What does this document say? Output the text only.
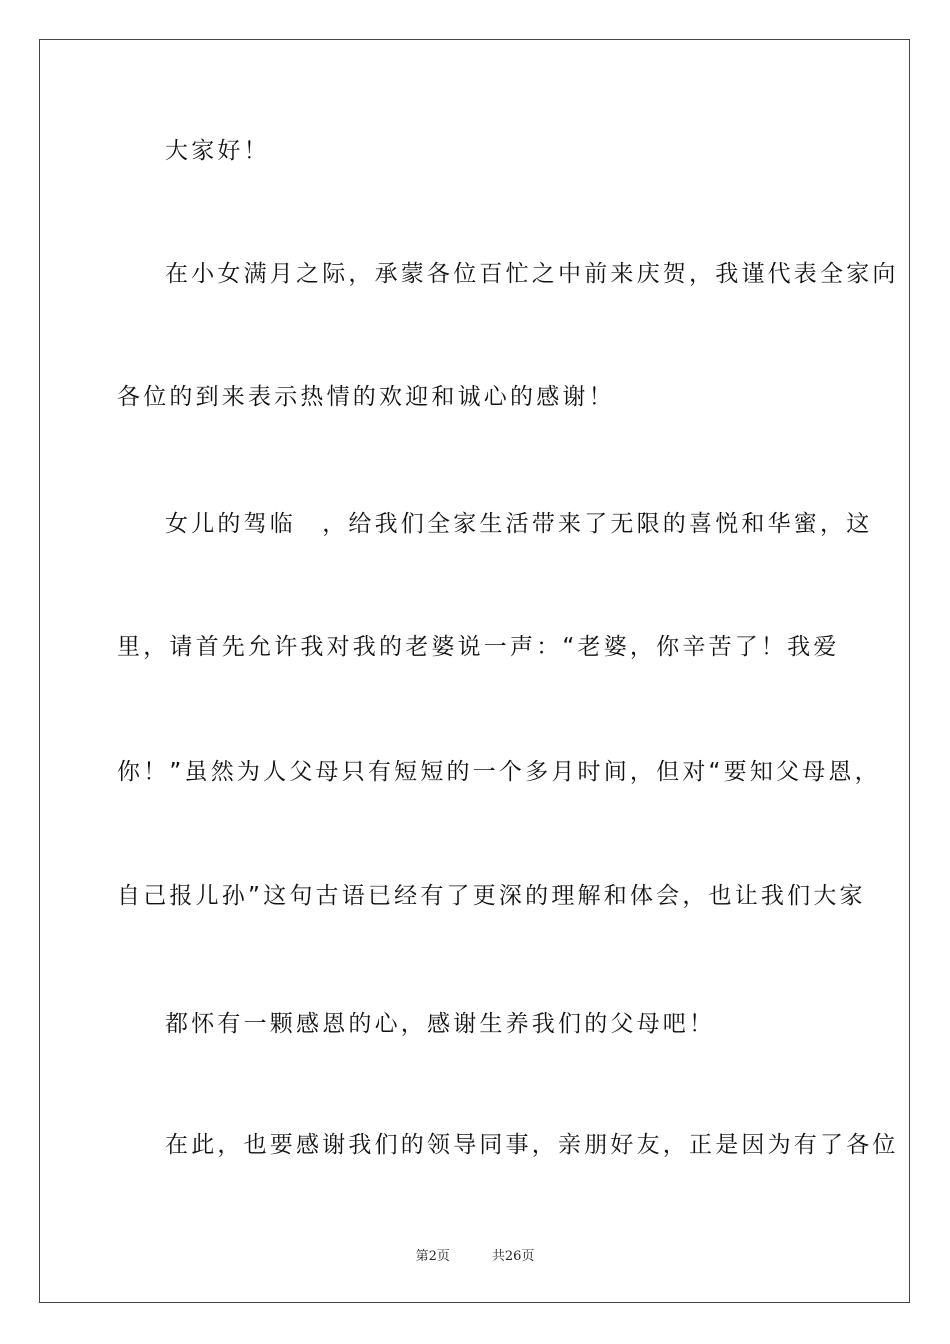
大家好！
在小女满月之际，承蒙各位百忙之中前来庆贺，我谨代表全家向
各位的到来表示热情的欢迎和诚心的感谢！
女儿的驾临　，给我们全家生活带来了无限的喜悦和华蜜，这
里，请首先允许我对我的老婆说一声：“老婆，你辛苦了！我爱
你！”虽然为人父母只有短短的一个多月时间，但对“要知父母恩，
自己报儿孙”这句古语已经有了更深的理解和体会，也让我们大家
都怀有一颗感恩的心，感谢生养我们的父母吧！
在此，也要感谢我们的领导同事，亲朋好友，正是因为有了各位
第2页	共26页
